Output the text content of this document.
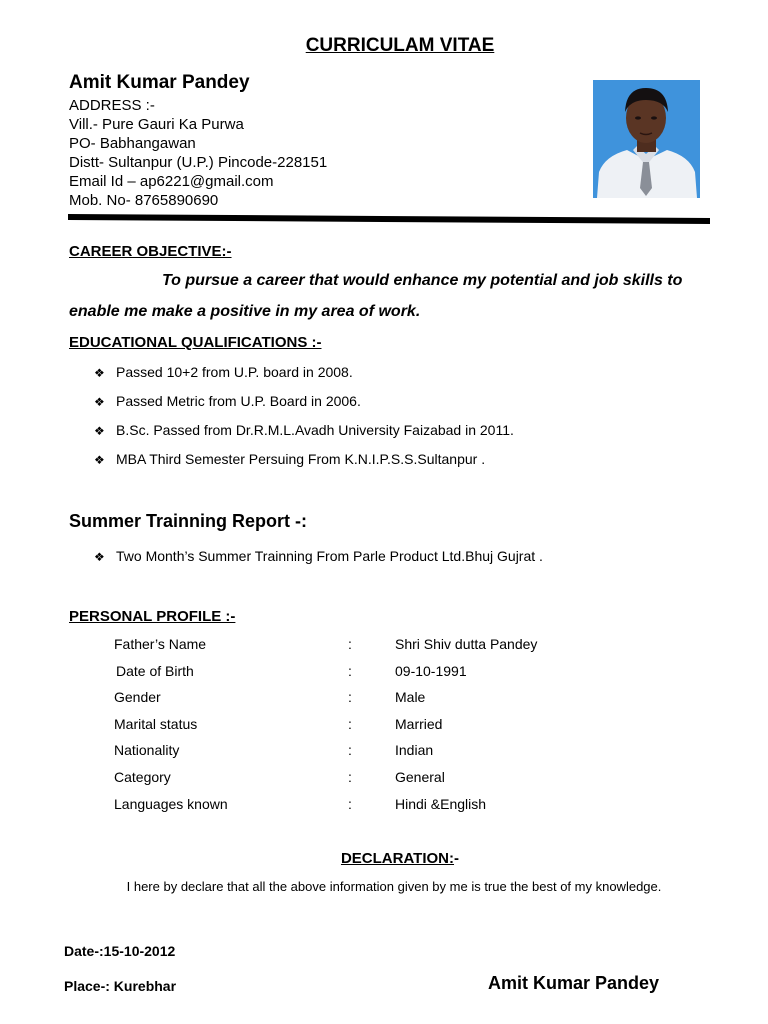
CURRICULAM VITAE
Amit Kumar Pandey
ADDRESS :-
Vill.- Pure Gauri Ka Purwa
PO- Babhangawan
Distt- Sultanpur (U.P.) Pincode-228151
Email Id – ap6221@gmail.com
Mob. No- 8765890690
CAREER OBJECTIVE:-
To pursue a career that would enhance my potential and job skills to
enable me make a positive in my area of work.
EDUCATIONAL QUALIFICATIONS :-
❖ Passed 10+2 from U.P. board in 2008.
❖ Passed Metric from U.P. Board in 2006.
❖ B.Sc. Passed from Dr.R.M.L.Avadh University Faizabad in 2011.
❖ MBA Third Semester Persuing From K.N.I.P.S.S.Sultanpur .
Summer Trainning Report -:
❖ Two Month’s Summer Trainning From Parle Product Ltd.Bhuj Gujrat .
PERSONAL PROFILE :-
Father’s Name	:	Shri Shiv dutta Pandey
Date of Birth	:	09-10-1991
Gender	:	Male
Marital status	:	Married
Nationality	:	Indian
Category	:	General
Languages known	:	Hindi &English
DECLARATION:-
I here by declare that all the above information given by me is true the best of my knowledge.
Date-:15-10-2012
Place-: Kurebhar	Amit Kumar Pandey
